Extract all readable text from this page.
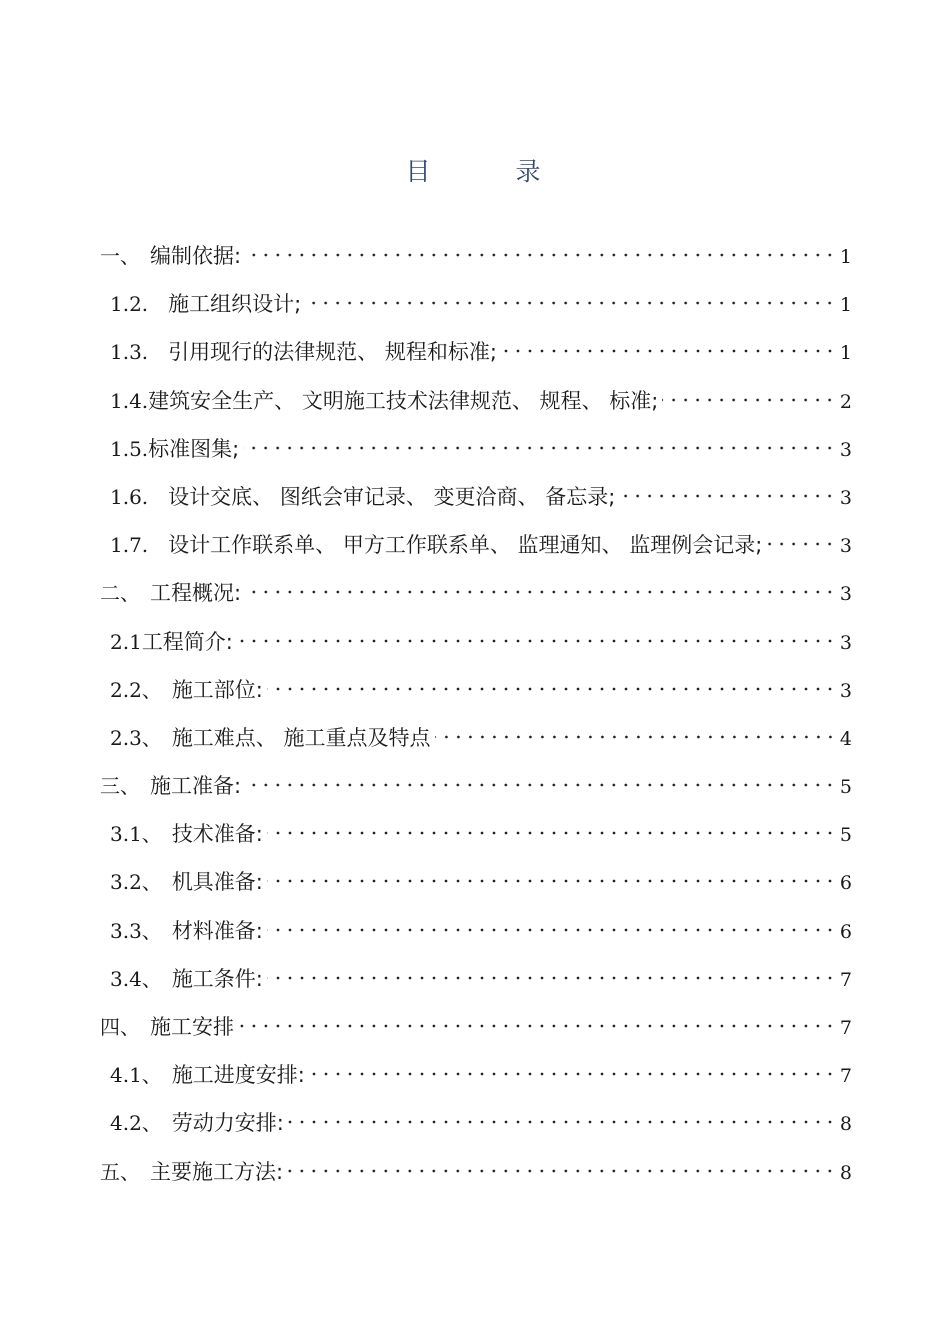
目　录
一、　编制依据:	1
1.2.　施工组织设计;	1
1.3.　引用现行的法律规范、 规程和标准;	1
1.4.建筑安全生产、 文明施工技术法律规范、 规程、 标准;	2
1.5.标准图集;	3
1.6.　设计交底、 图纸会审记录、 变更洽商、 备忘录;	3
1.7.　设计工作联系单、 甲方工作联系单、 监理通知、 监理例会记录;	3
二、　工程概况:	3
2.1工程简介:	3
2.2、　施工部位:	3
2.3、　施工难点、 施工重点及特点	4
三、　施工准备:	5
3.1、　技术准备:	5
3.2、　机具准备:	6
3.3、　材料准备:	6
3.4、　施工条件:	7
四、　施工安排	7
4.1、　施工进度安排:	7
4.2、　劳动力安排:	8
五、　主要施工方法:	8
